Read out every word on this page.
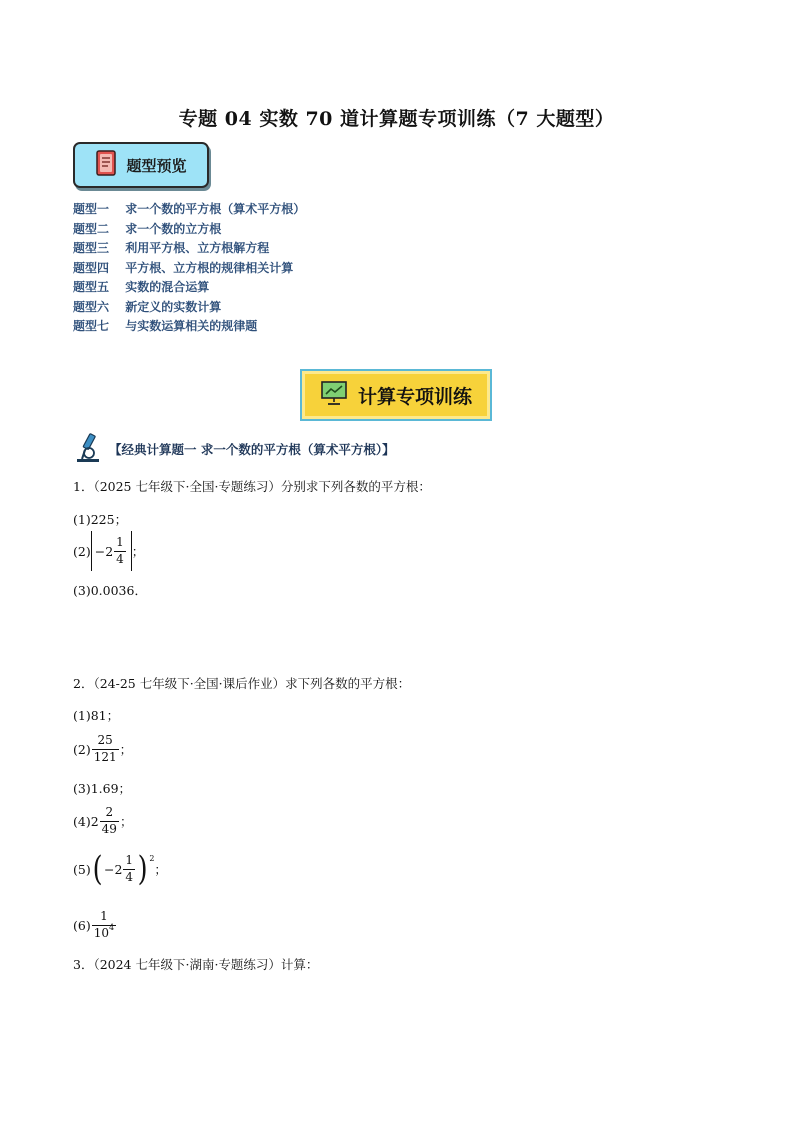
专题 04 实数 70 道计算题专项训练（7 大题型）
题型预览
题型一 求一个数的平方根（算术平方根）
题型二 求一个数的立方根
题型三 利用平方根、立方根解方程
题型四 平方根、立方根的规律相关计算
题型五 实数的混合运算
题型六 新定义的实数计算
题型七 与实数运算相关的规律题
计算专项训练
【经典计算题一 求一个数的平方根（算术平方根）】
1．（2025 七年级下·全国·专题练习）分别求下列各数的平方根：
(1)225；
$(2) -2 \frac{1}{4}$ ；
(3)0.0036．
2．（24-25 七年级下·全国·课后作业）求下列各数的平方根：
(1)81；
$(2) \frac{25}{121}$ ；
(3)1.69；
(4) $2 \frac{2}{49}$ ；
(5) ( $-2 \frac{1}{4}$ ) 2
；
$(6) \frac{1}{10^4}$
3．（2024 七年级下·湖南·专题练习）计算：
